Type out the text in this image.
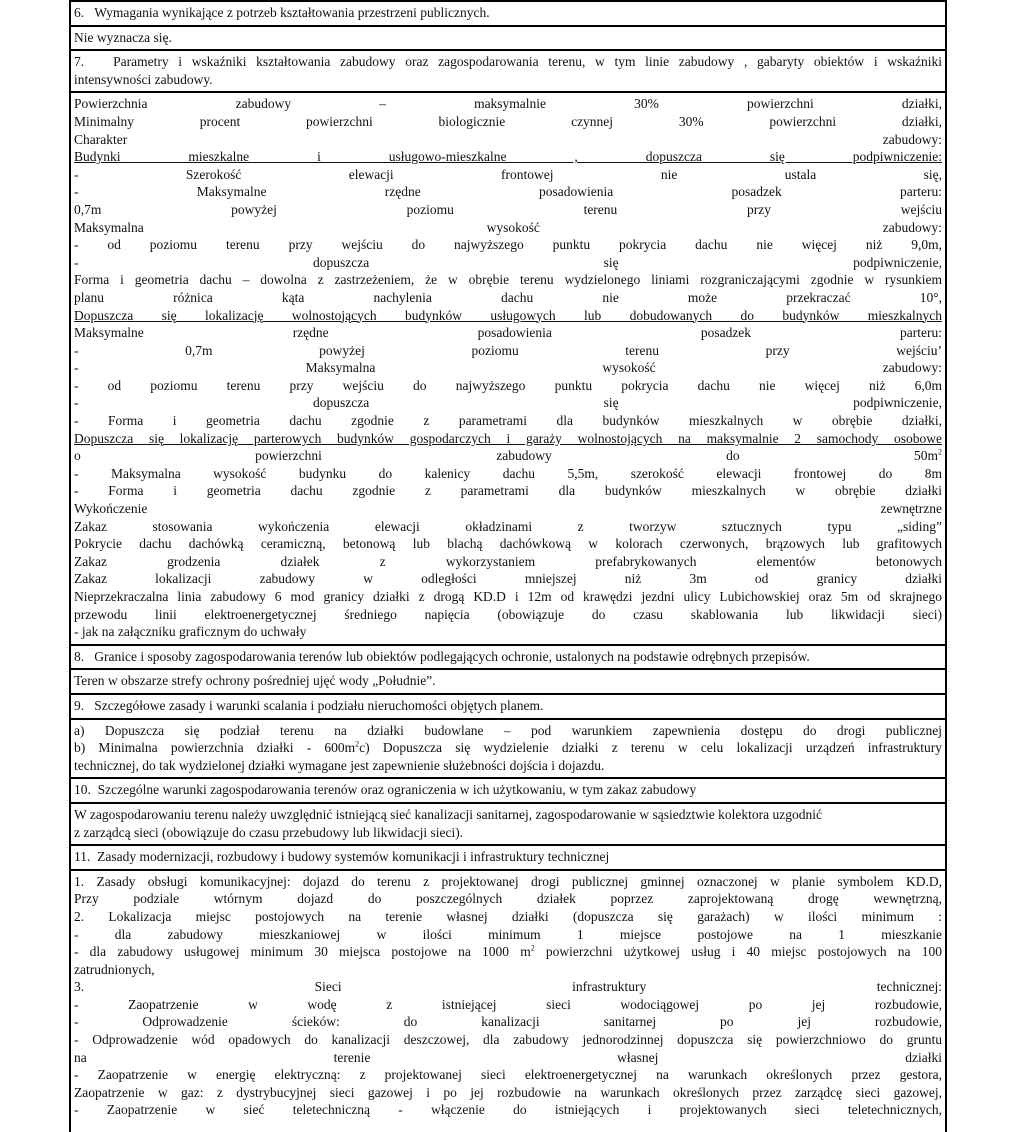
6.   Wymagania wynikające z potrzeb kształtowania przestrzeni publicznych.
Nie wyznacza się.
7.   Parametry i wskaźniki kształtowania zabudowy oraz zagospodarowania terenu, w tym linie zabudowy , gabaryty obiektów i wskaźniki
intensywności zabudowy.
Powierzchnia zabudowy – maksymalnie 30% powierzchni działki,
Minimalny procent powierzchni biologicznie czynnej 30% powierzchni działki,
Charakter zabudowy:
Budynki mieszkalne i usługowo-mieszkalne , dopuszcza się podpiwniczenie:
- Szerokość elewacji frontowej nie ustala się,
- Maksymalne rzędne posadowienia posadzek parteru:
0,7m powyżej poziomu terenu przy wejściu
Maksymalna wysokość zabudowy:
- od poziomu terenu przy wejściu do najwyższego punktu pokrycia dachu nie więcej niż 9,0m,
- dopuszcza się podpiwniczenie,
Forma i geometria dachu – dowolna z zastrzeżeniem, że w obrębie terenu wydzielonego liniami rozgraniczającymi zgodnie w rysunkiem
planu różnica kąta nachylenia dachu nie może przekraczać 10°,
Dopuszcza się lokalizację wolnostojących budynków usługowych lub dobudowanych do budynków mieszkalnych
Maksymalne rzędne posadowienia posadzek parteru:
- 0,7m powyżej poziomu terenu przy wejściu’
- Maksymalna wysokość zabudowy:
- od poziomu terenu przy wejściu do najwyższego punktu pokrycia dachu nie więcej niż 6,0m
- dopuszcza się podpiwniczenie,
- Forma i geometria dachu zgodnie z parametrami dla budynków mieszkalnych w obrębie działki,
Dopuszcza się lokalizację parterowych budynków gospodarczych i garaży wolnostojących na maksymalnie 2 samochody osobowe
o powierzchni zabudowy do $50m^2$
- Maksymalna wysokość budynku do kalenicy dachu 5,5m, szerokość elewacji frontowej do 8m
- Forma i geometria dachu zgodnie z parametrami dla budynków mieszkalnych w obrębie działki
Wykończenie zewnętrzne
Zakaz stosowania wykończenia elewacji okładzinami z tworzyw sztucznych typu „siding”
Pokrycie dachu dachówką ceramiczną, betonową lub blachą dachówkową w kolorach czerwonych, brązowych lub grafitowych
Zakaz grodzenia działek z wykorzystaniem prefabrykowanych elementów betonowych
Zakaz lokalizacji zabudowy w odległości mniejszej niż 3m od granicy działki
Nieprzekraczalna linia zabudowy 6 mod granicy działki z drogą KD.D i 12m od krawędzi jezdni ulicy Lubichowskiej oraz 5m od skrajnego
przewodu linii elektroenergetycznej średniego napięcia (obowiązuje do czasu skablowania lub likwidacji sieci)
- jak na załączniku graficznym do uchwały
8.   Granice i sposoby zagospodarowania terenów lub obiektów podlegających ochronie, ustalonych na podstawie odrębnych przepisów.
Teren w obszarze strefy ochrony pośredniej ujęć wody „Południe”.
9.   Szczegółowe zasady i warunki scalania i podziału nieruchomości objętych planem.
a) Dopuszcza się podział terenu na działki budowlane – pod warunkiem zapewnienia dostępu do drogi publicznej
b) Minimalna powierzchnia działki - $600m^2c$) Dopuszcza się wydzielenie działki z terenu w celu lokalizacji urządzeń infrastruktury
technicznej, do tak wydzielonej działki wymagane jest zapewnienie służebności dojścia i dojazdu.
10.  Szczególne warunki zagospodarowania terenów oraz ograniczenia w ich użytkowaniu, w tym zakaz zabudowy
W zagospodarowaniu terenu należy uwzględnić istniejącą sieć kanalizacji sanitarnej, zagospodarowanie w sąsiedztwie kolektora uzgodnić
z zarządcą sieci (obowiązuje do czasu przebudowy lub likwidacji sieci).
11.  Zasady modernizacji, rozbudowy i budowy systemów komunikacji i infrastruktury technicznej
1. Zasady obsługi komunikacyjnej: dojazd do terenu z projektowanej drogi publicznej gminnej oznaczonej w planie symbolem KD.D,
Przy podziale wtórnym dojazd do poszczególnych działek poprzez zaprojektowaną drogę wewnętrzną,
2. Lokalizacja miejsc postojowych na terenie własnej działki (dopuszcza się garażach) w ilości minimum :
- dla zabudowy mieszkaniowej w ilości minimum 1 miejsce postojowe na 1 mieszkanie
- dla zabudowy usługowej minimum 30 miejsca postojowe na 1000 $m^2$ powierzchni użytkowej usług i 40 miejsc postojowych na 100
zatrudnionych,
3. Sieci infrastruktury technicznej:
- Zaopatrzenie w wodę z istniejącej sieci wodociągowej po jej rozbudowie,
- Odprowadzenie ścieków: do kanalizacji sanitarnej po jej rozbudowie,
- Odprowadzenie wód opadowych do kanalizacji deszczowej, dla zabudowy jednorodzinnej dopuszcza się powierzchniowo do gruntu
na terenie własnej działki
- Zaopatrzenie w energię elektryczną: z projektowanej sieci elektroenergetycznej na warunkach określonych przez gestora,
Zaopatrzenie w gaz: z dystrybucyjnej sieci gazowej i po jej rozbudowie na warunkach określonych przez zarządcę sieci gazowej,
- Zaopatrzenie w sieć teletechniczną - włączenie do istniejących i projektowanych sieci teletechnicznych,
